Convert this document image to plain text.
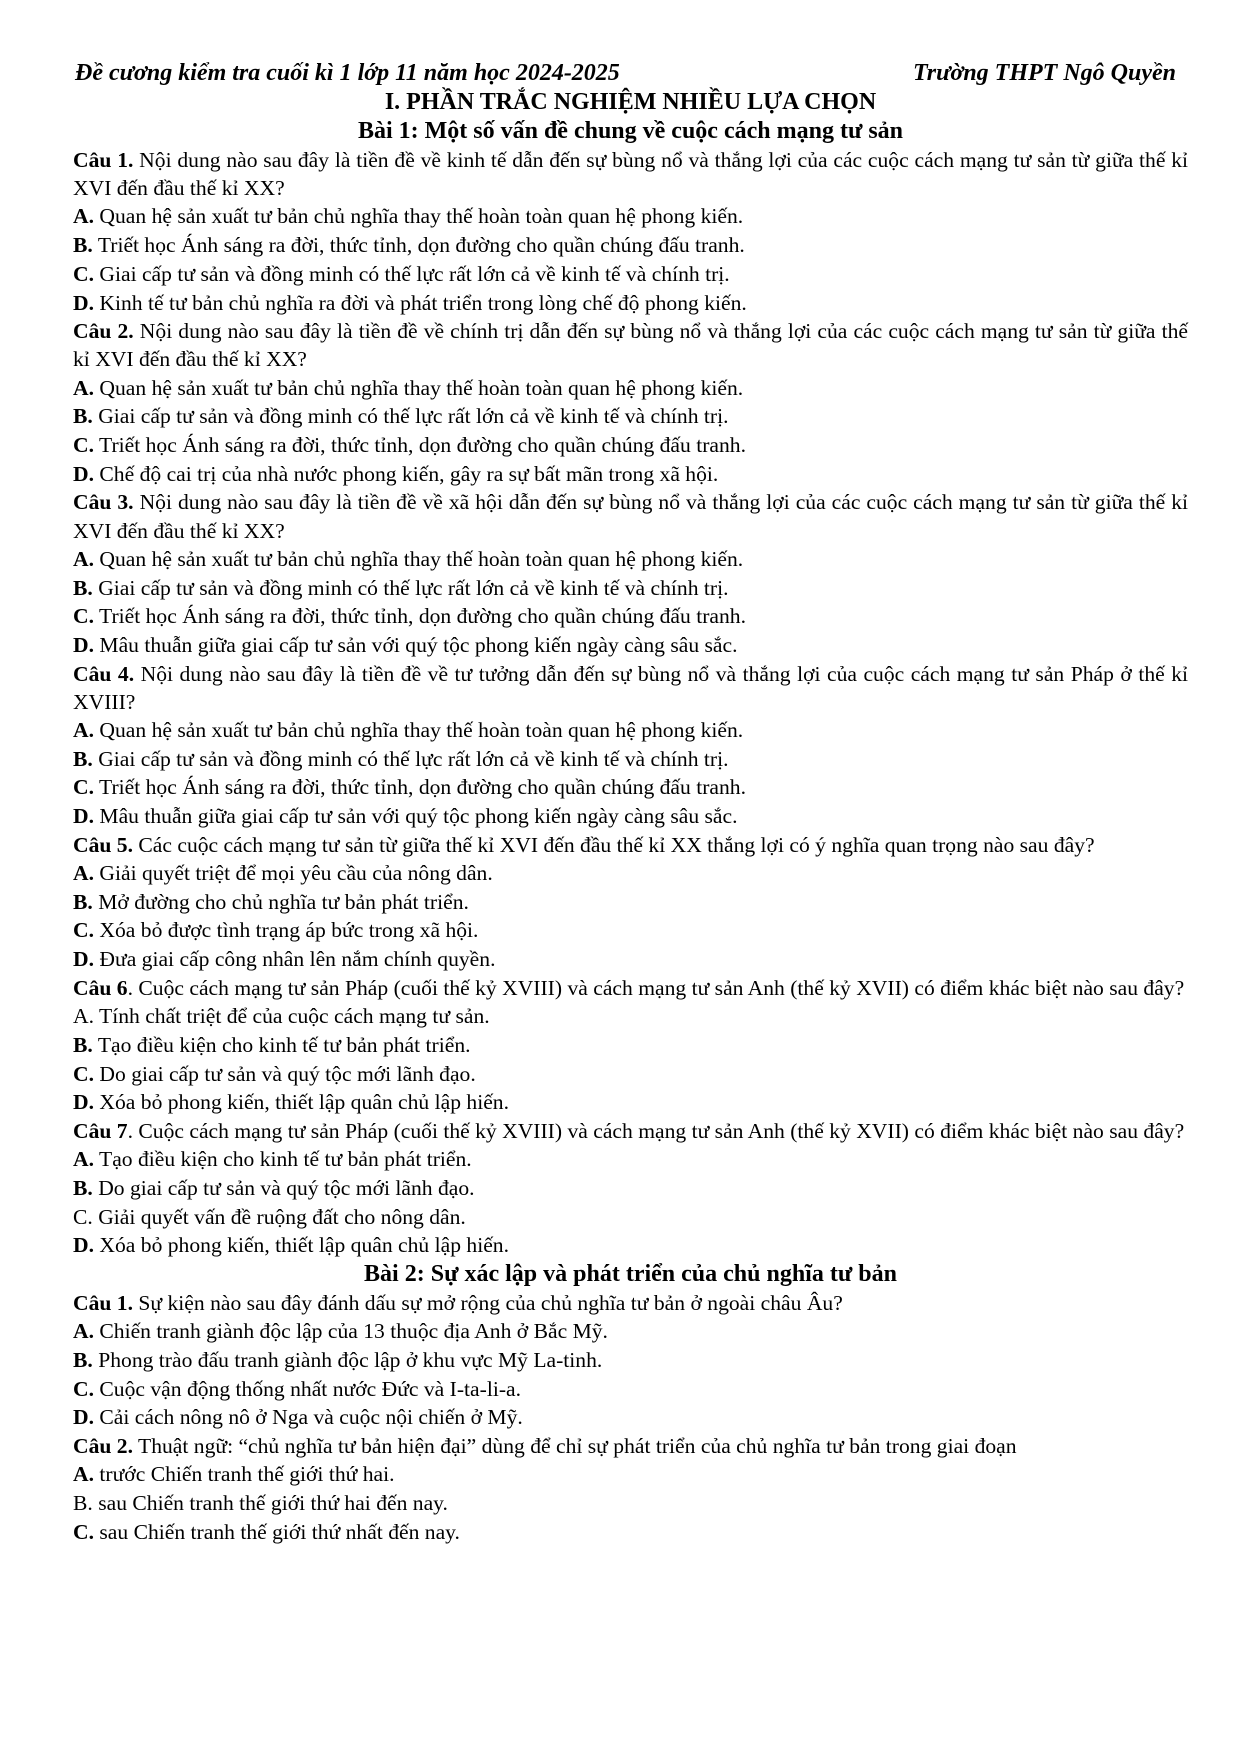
Đề cương kiểm tra cuối kì 1 lớp 11 năm học 2024-2025	Trường THPT Ngô Quyền
I. PHẦN TRẮC NGHIỆM NHIỀU LỰA CHỌN
Bài 1: Một số vấn đề chung về cuộc cách mạng tư sản
Câu 1. Nội dung nào sau đây là tiền đề về kinh tế dẫn đến sự bùng nổ và thắng lợi của các cuộc cách mạng tư sản từ giữa thế kỉ XVI đến đầu thế kỉ XX?
A. Quan hệ sản xuất tư bản chủ nghĩa thay thế hoàn toàn quan hệ phong kiến.
B. Triết học Ánh sáng ra đời, thức tỉnh, dọn đường cho quần chúng đấu tranh.
C. Giai cấp tư sản và đồng minh có thế lực rất lớn cả về kinh tế và chính trị.
D. Kinh tế tư bản chủ nghĩa ra đời và phát triển trong lòng chế độ phong kiến.
Câu 2. Nội dung nào sau đây là tiền đề về chính trị dẫn đến sự bùng nổ và thắng lợi của các cuộc cách mạng tư sản từ giữa thế kỉ XVI đến đầu thế kỉ XX?
A. Quan hệ sản xuất tư bản chủ nghĩa thay thế hoàn toàn quan hệ phong kiến.
B. Giai cấp tư sản và đồng minh có thế lực rất lớn cả về kinh tế và chính trị.
C. Triết học Ánh sáng ra đời, thức tỉnh, dọn đường cho quần chúng đấu tranh.
D. Chế độ cai trị của nhà nước phong kiến, gây ra sự bất mãn trong xã hội.
Câu 3. Nội dung nào sau đây là tiền đề về xã hội dẫn đến sự bùng nổ và thắng lợi của các cuộc cách mạng tư sản từ giữa thế kỉ XVI đến đầu thế kỉ XX?
A. Quan hệ sản xuất tư bản chủ nghĩa thay thế hoàn toàn quan hệ phong kiến.
B. Giai cấp tư sản và đồng minh có thế lực rất lớn cả về kinh tế và chính trị.
C. Triết học Ánh sáng ra đời, thức tỉnh, dọn đường cho quần chúng đấu tranh.
D. Mâu thuẫn giữa giai cấp tư sản với quý tộc phong kiến ngày càng sâu sắc.
Câu 4. Nội dung nào sau đây là tiền đề về tư tưởng dẫn đến sự bùng nổ và thắng lợi của cuộc cách mạng tư sản Pháp ở thế kỉ XVIII?
A. Quan hệ sản xuất tư bản chủ nghĩa thay thế hoàn toàn quan hệ phong kiến.
B. Giai cấp tư sản và đồng minh có thế lực rất lớn cả về kinh tế và chính trị.
C. Triết học Ánh sáng ra đời, thức tỉnh, dọn đường cho quần chúng đấu tranh.
D. Mâu thuẫn giữa giai cấp tư sản với quý tộc phong kiến ngày càng sâu sắc.
Câu 5. Các cuộc cách mạng tư sản từ giữa thế kỉ XVI đến đầu thế kỉ XX thắng lợi có ý nghĩa quan trọng nào sau đây?
A. Giải quyết triệt để mọi yêu cầu của nông dân.
B. Mở đường cho chủ nghĩa tư bản phát triển.
C. Xóa bỏ được tình trạng áp bức trong xã hội.
D. Đưa giai cấp công nhân lên nắm chính quyền.
Câu 6. Cuộc cách mạng tư sản Pháp (cuối thế kỷ XVIII) và cách mạng tư sản Anh (thế kỷ XVII) có điểm khác biệt nào sau đây?
A. Tính chất triệt để của cuộc cách mạng tư sản.
B. Tạo điều kiện cho kinh tế tư bản phát triển.
C. Do giai cấp tư sản và quý tộc mới lãnh đạo.
D. Xóa bỏ phong kiến, thiết lập quân chủ lập hiến.
Câu 7. Cuộc cách mạng tư sản Pháp (cuối thế kỷ XVIII) và cách mạng tư sản Anh (thế kỷ XVII) có điểm khác biệt nào sau đây?
A. Tạo điều kiện cho kinh tế tư bản phát triển.
B. Do giai cấp tư sản và quý tộc mới lãnh đạo.
C. Giải quyết vấn đề ruộng đất cho nông dân.
D. Xóa bỏ phong kiến, thiết lập quân chủ lập hiến.
Bài 2: Sự xác lập và phát triển của chủ nghĩa tư bản
Câu 1. Sự kiện nào sau đây đánh dấu sự mở rộng của chủ nghĩa tư bản ở ngoài châu Âu?
A. Chiến tranh giành độc lập của 13 thuộc địa Anh ở Bắc Mỹ.
B. Phong trào đấu tranh giành độc lập ở khu vực Mỹ La-tinh.
C. Cuộc vận động thống nhất nước Đức và I-ta-li-a.
D. Cải cách nông nô ở Nga và cuộc nội chiến ở Mỹ.
Câu 2. Thuật ngữ: “chủ nghĩa tư bản hiện đại” dùng để chỉ sự phát triển của chủ nghĩa tư bản trong giai đoạn
A. trước Chiến tranh thế giới thứ hai.
B. sau Chiến tranh thế giới thứ hai đến nay.
C. sau Chiến tranh thế giới thứ nhất đến nay.
